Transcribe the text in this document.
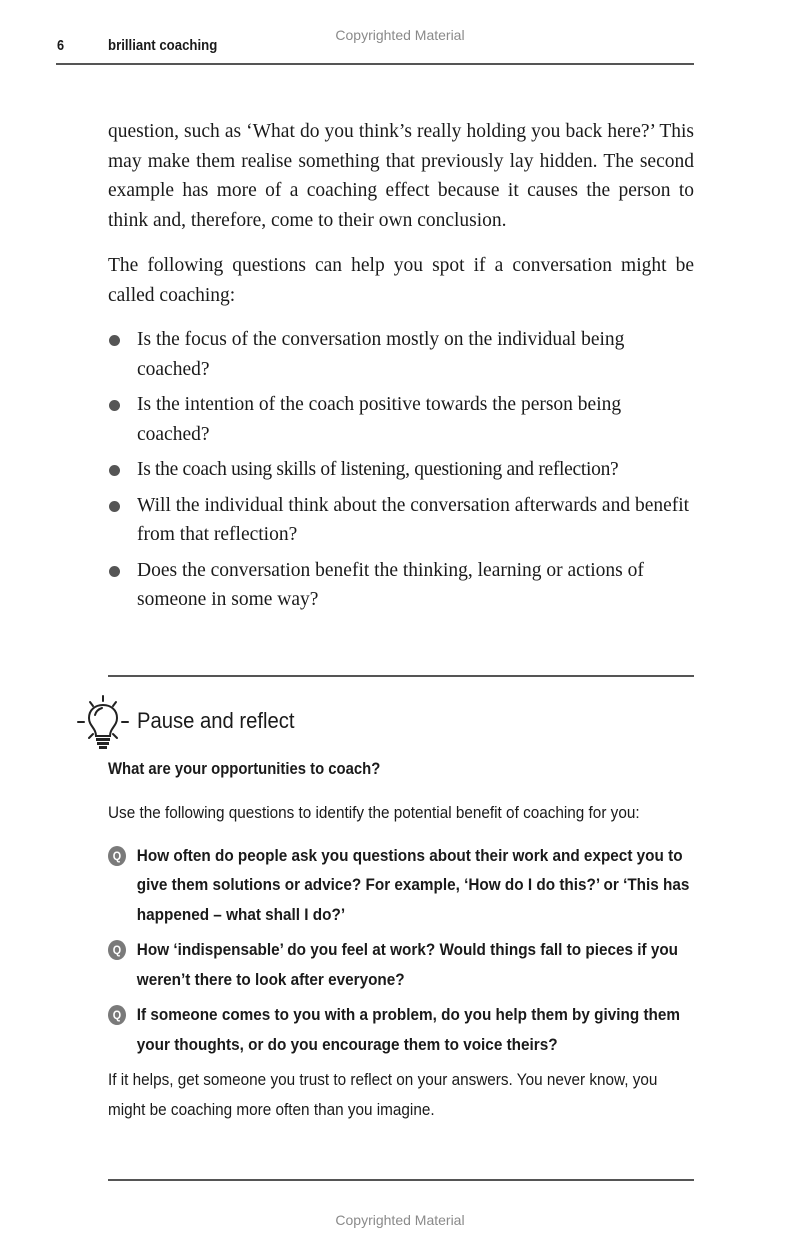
Copyrighted Material
6	brilliant coaching

question, such as ‘What do you think’s really holding you back here?’ This may make them realise something that previously lay hidden. The second example has more of a coaching effect because it causes the person to think and, therefore, come to their own conclusion.

The following questions can help you spot if a conversation might be called coaching:

Is the focus of the conversation mostly on the individual being coached?
Is the intention of the coach positive towards the person being coached?
Is the coach using skills of listening, questioning and reflection?
Will the individual think about the conversation afterwards and benefit from that reflection?
Does the conversation benefit the thinking, learning or actions of someone in some way?
Pause and reflect
What are your opportunities to coach?

Use the following questions to identify the potential benefit of coaching for you:

Q How often do people ask you questions about their work and expect you to give them solutions or advice? For example, ‘How do I do this?’ or ‘This has happened – what shall I do?’
Q How ‘indispensable’ do you feel at work? Would things fall to pieces if you weren’t there to look after everyone?
Q If someone comes to you with a problem, do you help them by giving them your thoughts, or do you encourage them to voice theirs?

If it helps, get someone you trust to reflect on your answers. You never know, you might be coaching more often than you imagine.

Copyrighted Material
